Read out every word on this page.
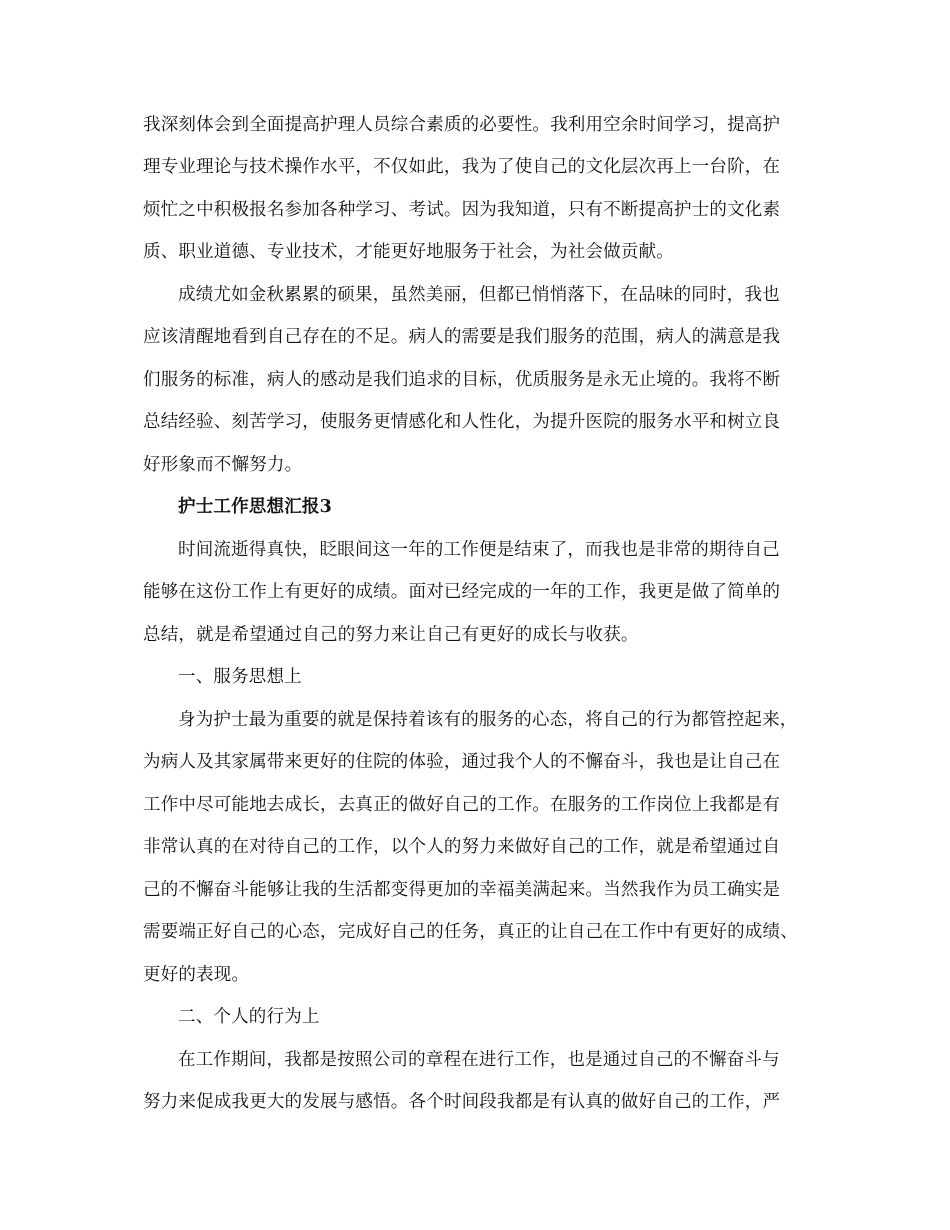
我深刻体会到全面提高护理人员综合素质的必要性。我利用空余时间学习，提高护
理专业理论与技术操作水平，不仅如此，我为了使自己的文化层次再上一台阶，在
烦忙之中积极报名参加各种学习、考试。因为我知道，只有不断提高护士的文化素
质、职业道德、专业技术，才能更好地服务于社会，为社会做贡献。
成绩尤如金秋累累的硕果，虽然美丽，但都已悄悄落下，在品味的同时，我也
应该清醒地看到自己存在的不足。病人的需要是我们服务的范围，病人的满意是我
们服务的标准，病人的感动是我们追求的目标，优质服务是永无止境的。我将不断
总结经验、刻苦学习，使服务更情感化和人性化，为提升医院的服务水平和树立良
好形象而不懈努力。
护士工作思想汇报3
时间流逝得真快，眨眼间这一年的工作便是结束了，而我也是非常的期待自己
能够在这份工作上有更好的成绩。面对已经完成的一年的工作，我更是做了简单的
总结，就是希望通过自己的努力来让自己有更好的成长与收获。
一、服务思想上
身为护士最为重要的就是保持着该有的服务的心态，将自己的行为都管控起来，
为病人及其家属带来更好的住院的体验，通过我个人的不懈奋斗，我也是让自己在
工作中尽可能地去成长，去真正的做好自己的工作。在服务的工作岗位上我都是有
非常认真的在对待自己的工作，以个人的努力来做好自己的工作，就是希望通过自
己的不懈奋斗能够让我的生活都变得更加的幸福美满起来。当然我作为员工确实是
需要端正好自己的心态，完成好自己的任务，真正的让自己在工作中有更好的成绩、
更好的表现。
二、个人的行为上
在工作期间，我都是按照公司的章程在进行工作，也是通过自己的不懈奋斗与
努力来促成我更大的发展与感悟。各个时间段我都是有认真的做好自己的工作，严
